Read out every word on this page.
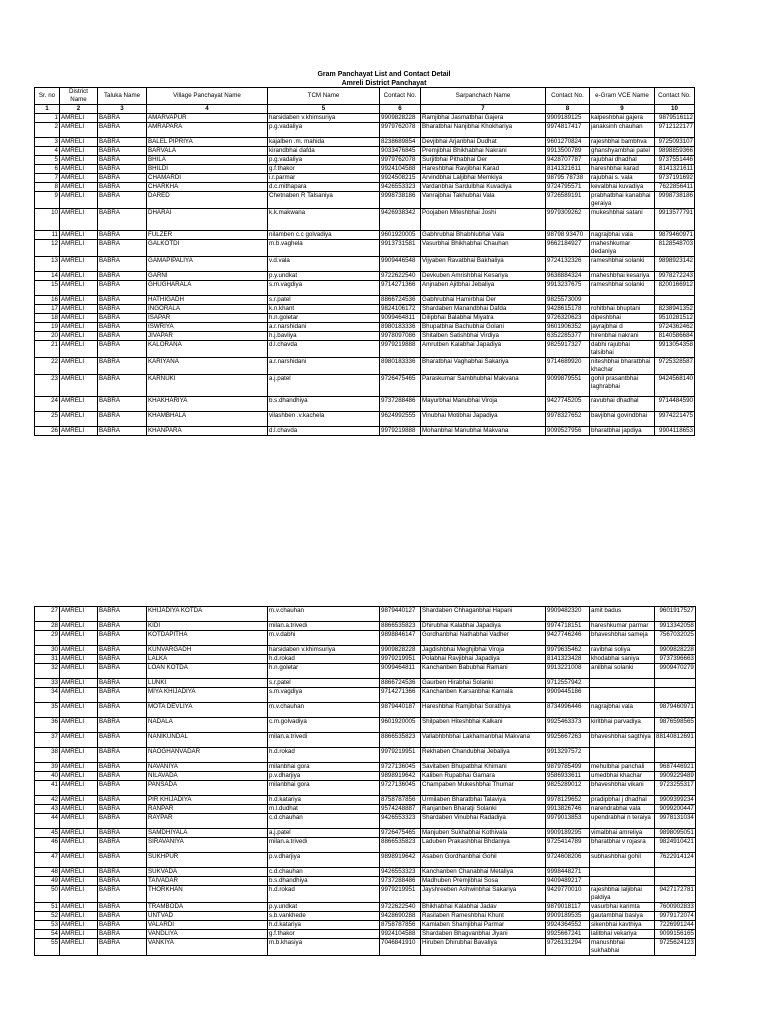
Gram Panchayat List and Contact Detail
Amreli District Panchayat
Sr. no	District Name	Taluka Name	Village Panchayat Name	TCM Name	Contact No.	Sarpanchach Name	Contact No.	e-Gram VCE Name	Contact No.
1	2	3	4	5	6	7	8	9	10
1	AMRELI	BABRA	AMARVAPUR	harsidaben v.khimsuriya	9909828228	Ramjibhai Jasmatbhai Gajera	9909189125	kalpeshbhai gajera	9879516112
2	AMRELI	BABRA	AMRAPARA	p.g.vadaliya	9979762078	Bharatbhai Nanjibhai Khokhariya	9974817417	janaksinh chauhan	9712122177
3	AMRELI	BABRA	BALEL PIPRIYA	kajalben .m. mahida	8238689854	Devjibhai Arjanbhai Dudhat	9601270824	rajeshbhai bambhva	9725093107
4	AMRELI	BABRA	BARVALA	kirandbhai dafda	9033476845	Premjibhai Bhikhabhai Nakrani	9913500789	ghanshyambhai patel	9898859366
5	AMRELI	BABRA	BHILA	p.g.vadaliya	9979762078	Surjitbhai Pithabhai Der	9428707787	rajubhai dhadhal	9737551446
6	AMRELI	BABRA	BHILDI	g.f.thakor	9924104588	Hareshbhai Ravjibhai Karad	8141321611	hareshbhai karad	8141321611
7	AMRELI	BABRA	CHAMARDI	i.r.parmar	9924508215	Arvindbhai Laljibhai Memkiya	98795 78738	rajubhai s. vala	9737191692
8	AMRELI	BABRA	CHARKHA	d.c.mithapara	9426553323	Vardanbhai Sardulbhai Kuvadiya	9724795571	kevalbhai kuvadiya	7622856411
9	AMRELI	BABRA	DARED	Chetnaben R Talsaniya	9998738186	Vanrajbhai Takhubhai Vala	9726589191	prabhatbhai kanabhai geraiya	9998738186
10	AMRELI	BABRA	DHARAI	k.k.makwana	9426938342	Poojaben Miteshbhai Joshi	9979309262	mukeshbhai satani	9913577791
11	AMRELI	BABRA	FULZER	nilamben c.c golvadiya	9601920005	Gabhrubhai Bhabhlubhai Vala	98798 93470	nagrajbhai vala	9879460971
12	AMRELI	BABRA	GALKOTDI	m.b.vaghela	9913731581	Vasurbhai Bhikhabhai Chauhan	9662184927	maheshkumar dedaniya	8128548703
13	AMRELI	BABRA	GAMAPIPALIYA	v.d.vala	9909446548	Vijyaben Ravatbhai Bakhaliya	9724132326	rameshbhai solanki	9898923142
14	AMRELI	BABRA	GARNI	p.y.undkat	9722622540	Devkuben Amrishbhai Kesariya	9638884324	maheshbhai kesariya	9978272243
15	AMRELI	BABRA	GHUGHARALA	s.m.vagdiya	9714271366	Anjnaben Ajitbhai Jebaliya	9913237675	rameshbhai solanki	8200166912
16	AMRELI	BABRA	HATHIGADH	s.r.patel	8866724536	Gabhrubhai Hamirbhai Der	9825573009		
17	AMRELI	BABRA	INGORALA	k.n.khant	9824106172	Shardaben Manandbhai Dafda	9428615178	rohitbhai bhuptani	8238941352
18	AMRELI	BABRA	ISAPAR	h.n.goletar	9099464811	Dilipbhai Balabhai Miyatra	9726320623	dipeshbhai	9510281512
19	AMRELI	BABRA	ISWRIYA	a.r.narshidani	8980183336	Bhupatbhai Bachubhai Golani	9601906352	jayrajbhai d	9724362462
20	AMRELI	BABRA	JIVAPAR	h.j.bavliya	9978097086	Shitalben Satishbhai Virdiya	6352285377	hirenbhai nakrani	8140586684
21	AMRELI	BABRA	KALORANA	d.l.chavda	9979219888	Amrutben Kalabhai Japadiya	9825917327	dabhi rajubhai talsibhai	9913054358
22	AMRELI	BABRA	KARIYANA	a.r.narshidani	8980183336	Bharatbhai Vaghabhai Sakariya	9714689920	niteshbhai bharatbhai khachar	9725328587
23	AMRELI	BABRA	KARNUKI	a.j.patel	9726475465	Paraskumar Sambhubhai Makvana	9099879551	gohil prasantbhai laghrabhai	9424568140
24	AMRELI	BABRA	KHAKHARIYA	b.s.dhandhiya	9737288486	Mayurbhai Manubhai Viroja	9427745205	ravubhai dhadhal	9714484590
25	AMRELI	BABRA	KHAMBHALA	vilashben .v.kachela	9624992555	Vinubhai Motibhai Japadiya	9978327652	bavjibhai govindbhai	9974221475
26	AMRELI	BABRA	KHANPARA	d.l.chavda	9979219888	Mohanbhai Manubhai Makvana	9099527956	bharatbhai japdiya	9904118653
27	AMRELI	BABRA	KHIJADIYA KOTDA	m.v.chauhan	9879440127	Shardaben Chhaganbhai Hapani	9909482320	amit badus	9601917527
28	AMRELI	BABRA	KIDI	milan.a.trivedi	8866535823	Dhirubhai Kalabhai Japadiya	9974718151	hareshkumar parmar	9913342058
29	AMRELI	BABRA	KOTDAPITHA	m.v.dabhi	9898846147	Gordhanbhai Nathabhai Vadher	9427746246	bhaveshbhai sameja	7567032025
30	AMRELI	BABRA	KUNVARGADH	harsidaben v.khimsuriya	9909828228	Jagdishbhai Meghjibhai Viroja	9979635462	ravibhai soliya	9909828228
31	AMRELI	BABRA	LALKA	h.d.rokad	9979219951	Polabhai Ravjibhai Japadiya	8141323428	khodabhai saniya	9737396663
32	AMRELI	BABRA	LOAN KOTDA	h.n.goletar	9099464811	Kanchanben Babubhai Ramani	9913221008	anilbhai solanki	9909470279
33	AMRELI	BABRA	LUNKI	s.r.patel	8866724536	Gaurben Hirabhai Solanki	9712557942		
34	AMRELI	BABRA	MIYA KHIJADIYA	s.m.vagdiya	9714271366	Kanchanben Karsanbhai Karnala	9909445186		
35	AMRELI	BABRA	MOTA DEVLIYA	m.v.chauhan	9879440187	Hareshbhai Ramjibhai Sorathiya	8734996446	nagrajbhai vala	9879460971
36	AMRELI	BABRA	NADALA	c.m.golvadiya	9601920005	Shilpaben Hiteshbhai Kalkani	9925463373	kiritbhai parvadiya	9876598565
37	AMRELI	BABRA	NANIKUNDAL	milan.a.trivedi	8866535823	Vallabhbhbhai Lakhamanbhai Makvana	9925667263	bhaveshbhai sagthiya	88140812691
38	AMRELI	BABRA	NAOGHANVADAR	h.d.rokad	9979219951	Rekhaben Chandubhai Jebaliya	9913297572		
39	AMRELI	BABRA	NAVANIYA	milanbhai gora	9727136045	Savitaben Bhupatbhai Khimani	9879785499	mehulbhai panchali	9687446921
40	AMRELI	BABRA	NILAVADA	p.v.dharjiya	9898919642	Kaliben Rupabhai Gamara	9586933611	umedbhai khachar	9909229489
41	AMRELI	BABRA	PANSADA	milanbhai gora	9727136045	Champaben Mukeshbhai Thumar	9825289012	bhaveshbhai vikani	9723255317
42	AMRELI	BABRA	PIR KHIJADIYA	h.d.katariya	8758787856	Urmilaben Bharatbhai Talaviya	9978129652	pradipbhai j dhadhal	9909399234
43	AMRELI	BABRA	RANPAR	m.l.dudhat	9574248887	Ranjanben Bharatji Solanki	9913826746	narendrabhai vala	9099200447
44	AMRELI	BABRA	RAYPAR	c.d.chauhan	9426553323	Shardaben Vinubhai Radadiya	9979013853	upendrabhai n teraiya	9978131034
45	AMRELI	BABRA	SAMDHIYALA	a.j.patel	9726475465	Manjuben Sukhabhai Kothivala	9909189295	vimalbhai amreliya	9898095051
46	AMRELI	BABRA	SIRAVANIYA	milan.a.trivedi	8866535823	Laduben Prakashbhai Bhdaniya	9725414789	bharatbhai v rojasra	9824910421
47	AMRELI	BABRA	SUKHPUR	p.v.dharjiya	9898919642	Asaben Gordhanbhai Gohil	9724608206	subhashbhai gohil	7622914124
48	AMRELI	BABRA	SUKVADA	c.d.chauhan	9426553323	Kanchanben Chanabhai Metaliya	9998448271		
49	AMRELI	BABRA	TAIVADAR	b.s.dhandhiya	9737288486	Madhuben Premjibhai Sosa	9409489217		
50	AMRELI	BABRA	THORKHAN	h.d.rokad	9979219951	Jayshreeben Ashwinbhai Sakariya	9429770010	rajeshbhai laljibhai paldiya	9427172781
51	AMRELI	BABRA	TRAMBODA	p.y.undkat	9722622540	Bhikhabhai Kalabhai Jadav	9879018117	vasurbhai karimta	7600902833
52	AMRELI	BABRA	UNTVAD	s.b.vankhede	9428690288	Rasilaben Rameshbhai Khunt	9909189535	gautambhai basiya	9979172074
53	AMRELI	BABRA	VALARDI	h.d.katariya	8758787856	Kamlaben Shamjibhai Parmar	9924364552	sikenbhai kavthiya	7226991244
54	AMRELI	BABRA	VANDLIYA	g.f.thakor	9924104588	Shardaben Bhagvanbhai Jiyani	9925667241	lalitbhai vekariya	9099156165
55	AMRELI	BABRA	VANKIYA	m.b.khasiya	7046841910	Hiruben Dhirubhai Bavaliya	9726131294	manushbhai sukhabhai	9725624123
